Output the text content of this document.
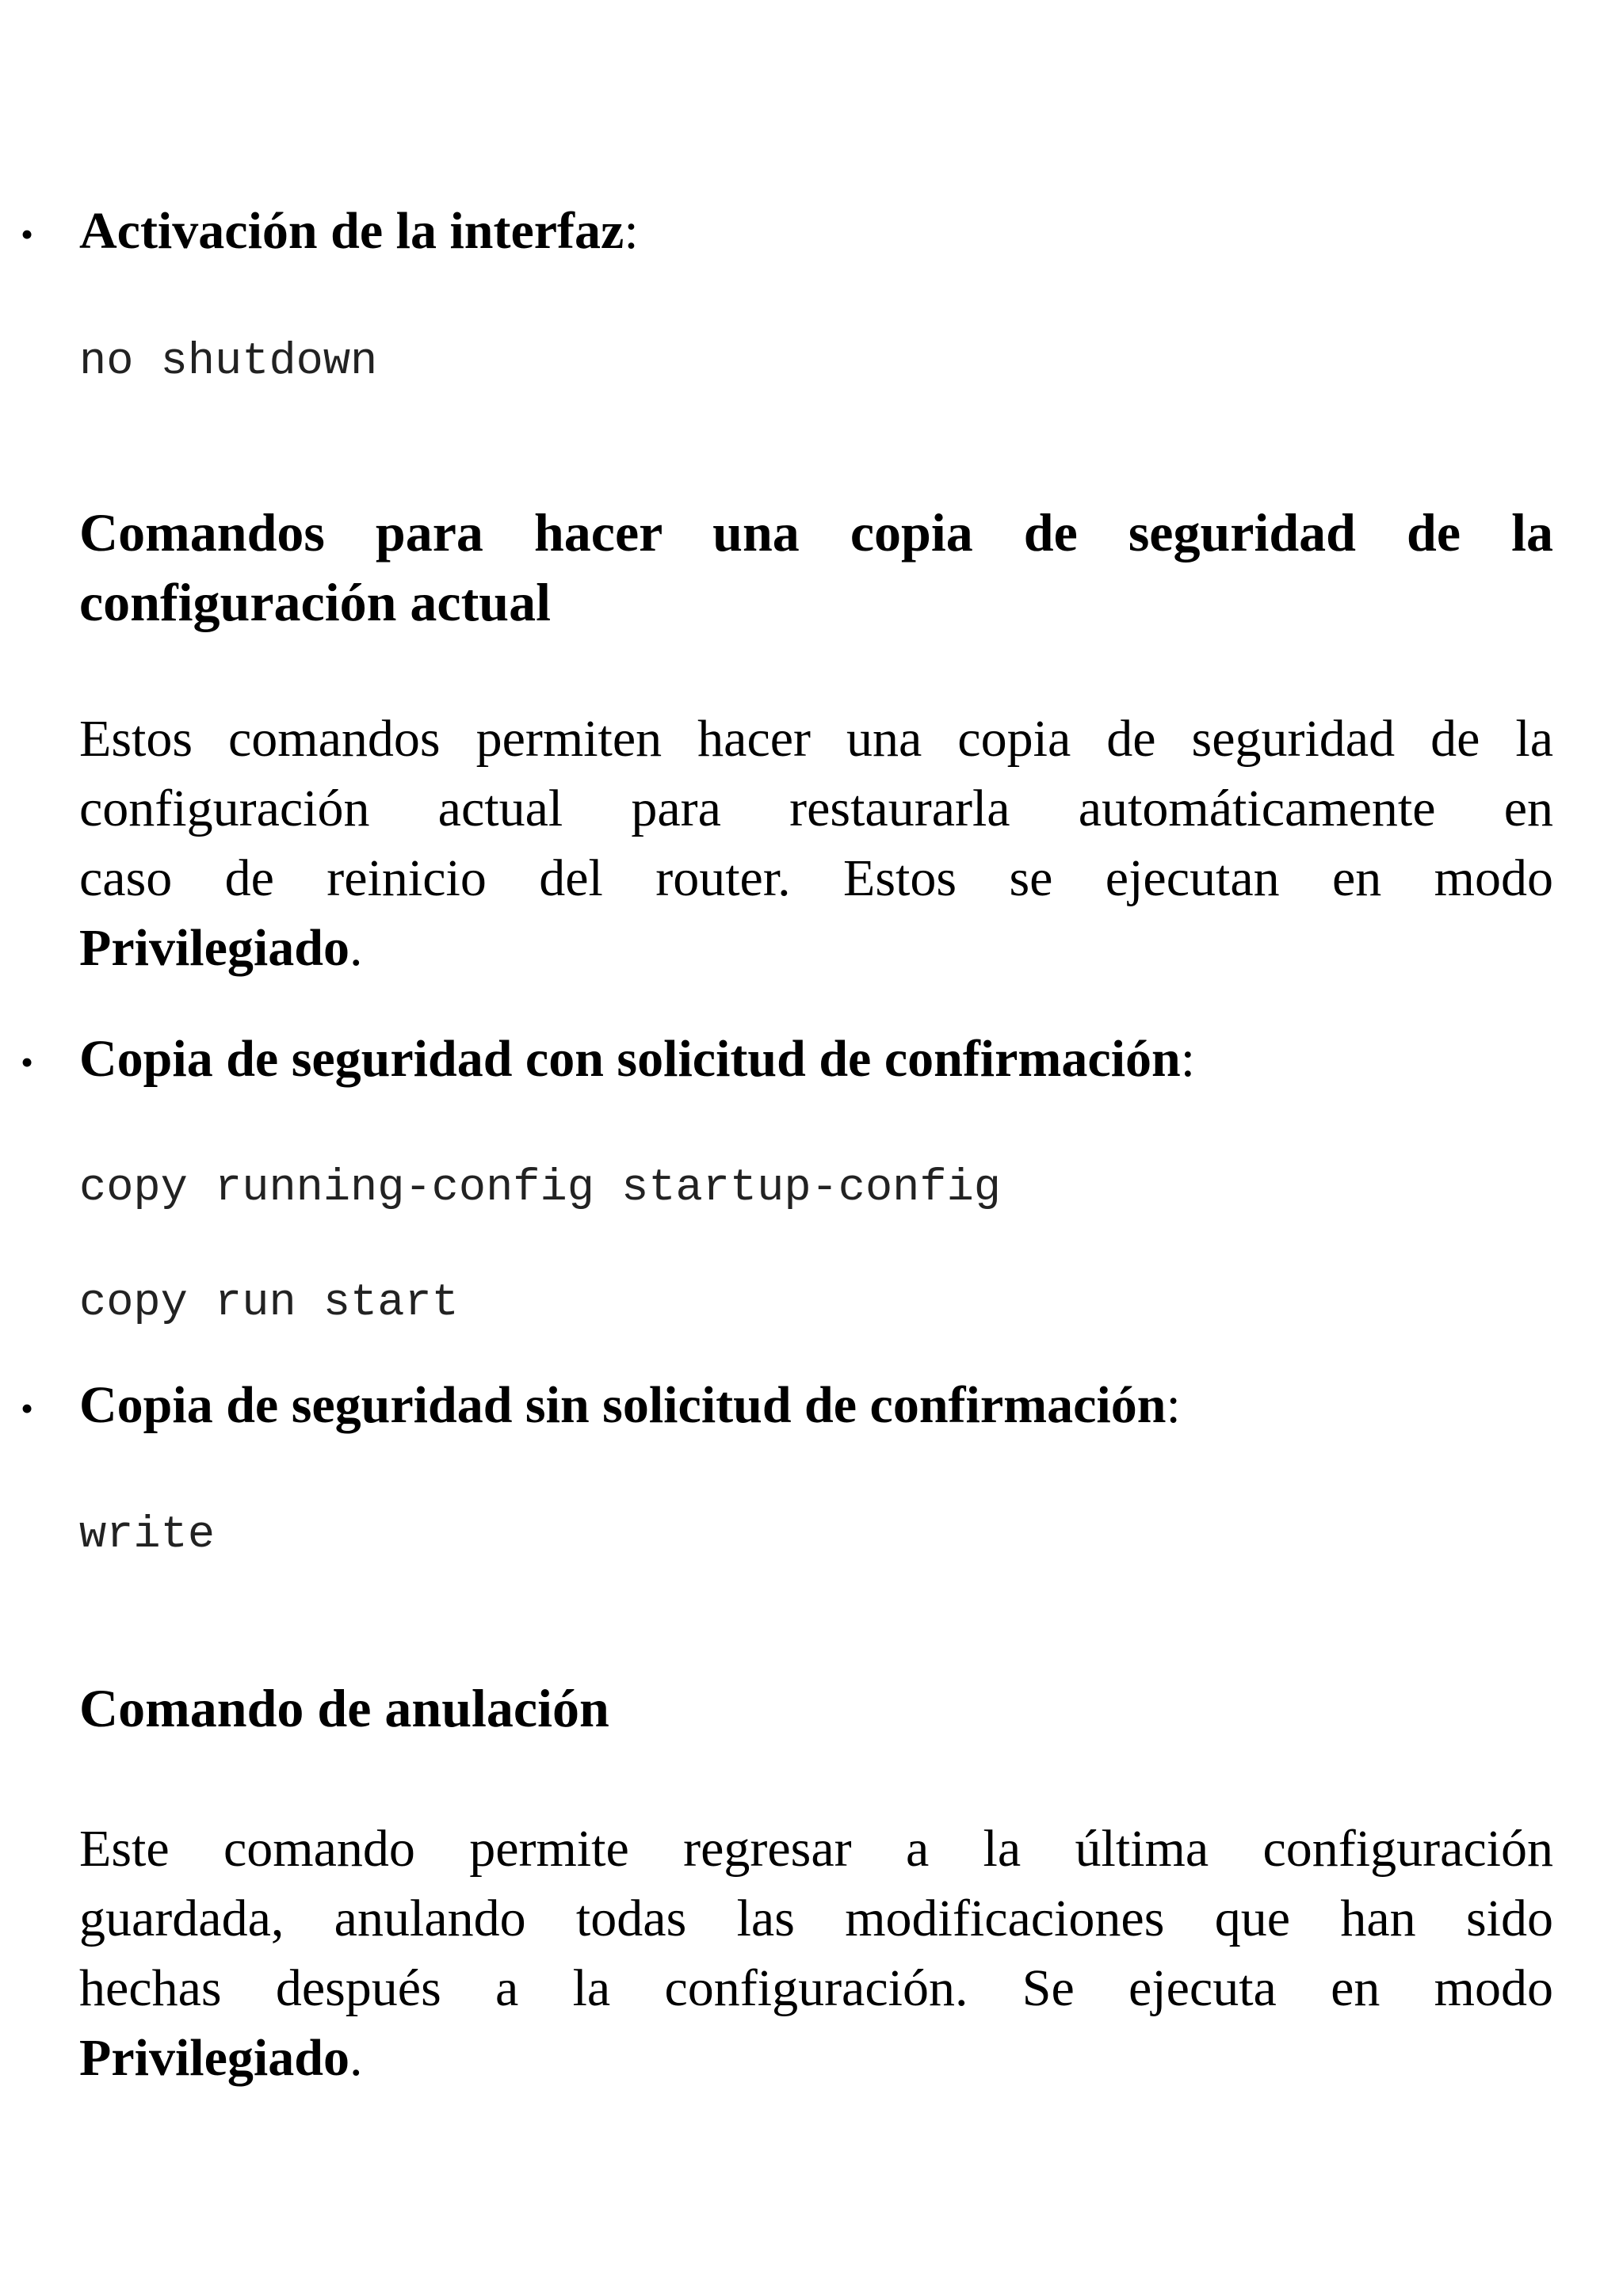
• Activación de la interfaz:
no shutdown
Comandos para hacer una copia de seguridad de la
configuración actual
Estos comandos permiten hacer una copia de seguridad de la
configuración actual para restaurarla automáticamente en
caso de reinicio del router. Estos se ejecutan en modo
Privilegiado.
• Copia de seguridad con solicitud de confirmación:
copy running-config startup-config
copy run start
• Copia de seguridad sin solicitud de confirmación:
write
Comando de anulación
Este comando permite regresar a la última configuración
guardada, anulando todas las modificaciones que han sido
hechas después a la configuración. Se ejecuta en modo
Privilegiado.
